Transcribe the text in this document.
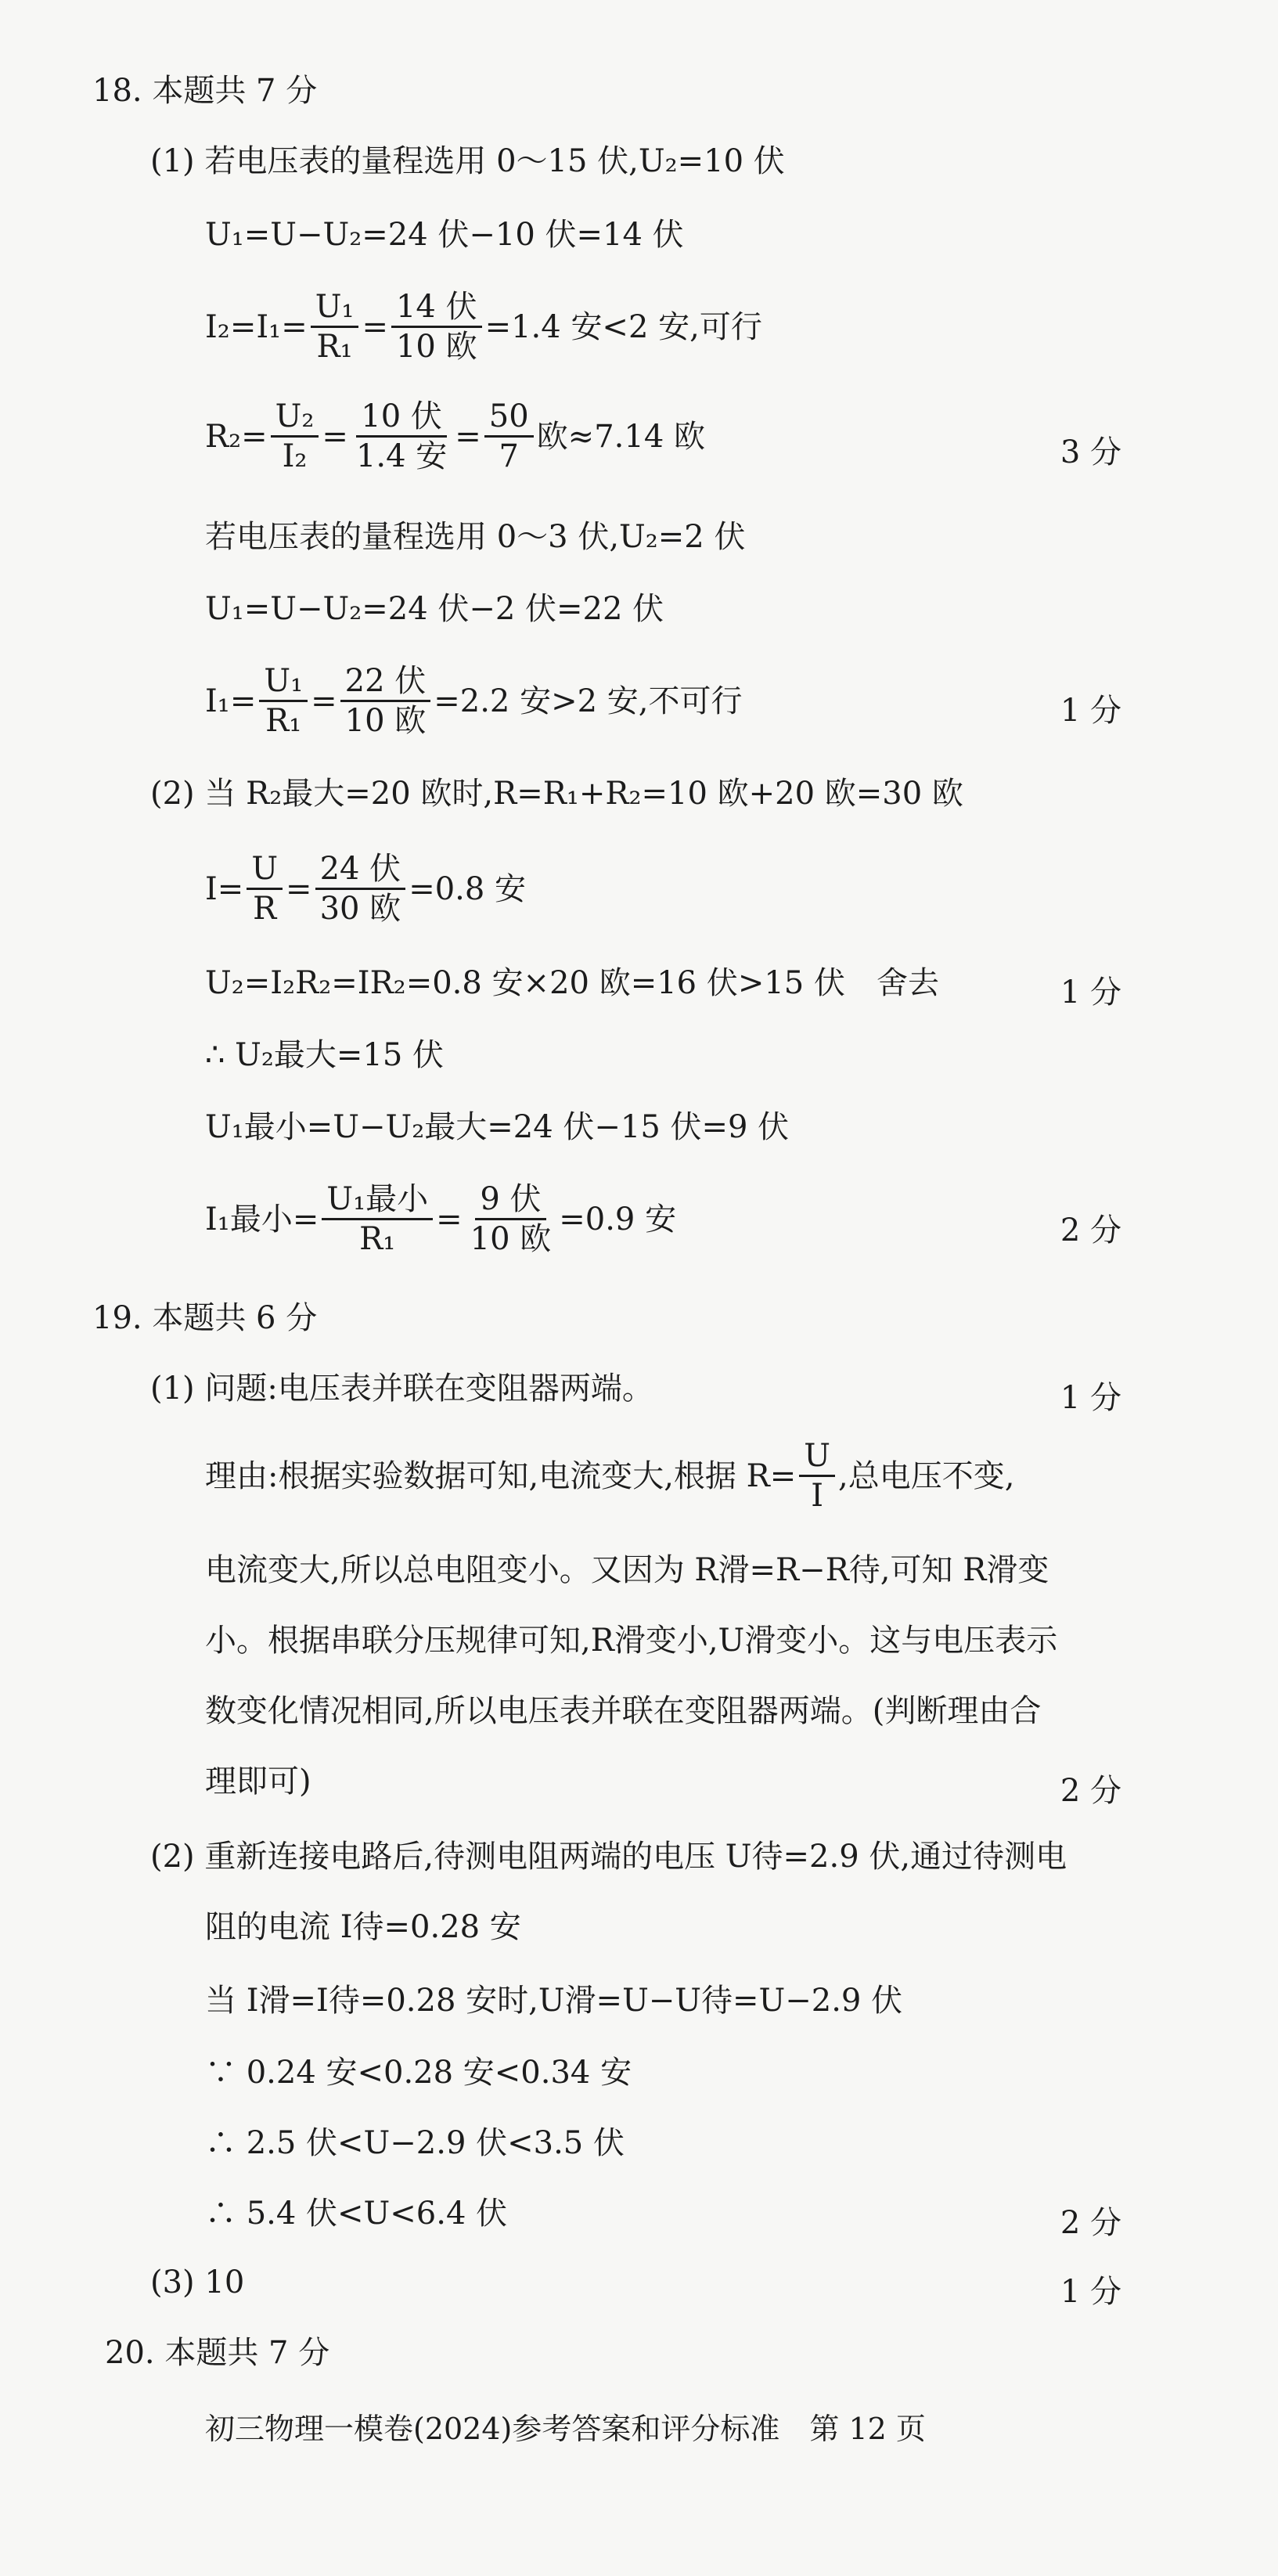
18. 本题共 7 分
(1) 若电压表的量程选用 0～15 伏,U₂=10 伏
U₁=U−U₂=24 伏−10 伏=14 伏
$I_2=I_1= \frac{\text{U₁}}{\text{R₁}} = \frac{\text{14 伏}}{\text{10 欧}} =1.4$ 安<2 安,可行
$R_2= \frac{\text{U₂}}{\text{I₂}} = \frac{\text{10 伏}}{\text{1.4 安}} = \frac{50}{7}$ 欧≈7.14 欧	3 分
若电压表的量程选用 0～3 伏,U₂=2 伏
U₁=U−U₂=24 伏−2 伏=22 伏
$I_1= \frac{\text{U₁}}{\text{R₁}} = \frac{\text{22 伏}}{\text{10 欧}} =2.2$ 安>2 安,不可行	1 分
(2) 当 R₂最大=20 欧时,R=R₁+R₂=10 欧+20 欧=30 欧
$I= \frac{U}{R} = \frac{\text{24 伏}}{\text{30 欧}} =0.8$ 安
U₂=I₂R₂=IR₂=0.8 安×20 欧=16 伏>15 伏　舍去	1 分
∴ U₂最大=15 伏
U₁最小=U−U₂最大=24 伏−15 伏=9 伏
I₁最小= $\frac{\text{U₁最小}}{\text{R₁}} = \frac{\text{9 伏}}{\text{10 欧}} =0.9$ 安	2 分
19. 本题共 6 分
(1) 问题:电压表并联在变阻器两端。	1 分
理由:根据实验数据可知,电流变大,根据 $R= \frac{U}{I}$ ,总电压不变,
电流变大,所以总电阻变小。又因为 R滑=R−R待,可知 R滑变
小。根据串联分压规律可知,R滑变小,U滑变小。这与电压表示
数变化情况相同,所以电压表并联在变阻器两端。(判断理由合
理即可)	2 分
(2) 重新连接电路后,待测电阻两端的电压 U待=2.9 伏,通过待测电
阻的电流 I待=0.28 安
当 I滑=I待=0.28 安时,U滑=U−U待=U−2.9 伏
∵ 0.24 安<0.28 安<0.34 安
∴ 2.5 伏<U−2.9 伏<3.5 伏
∴ 5.4 伏<U<6.4 伏	2 分
(3) 10	1 分
20. 本题共 7 分
初三物理一模卷(2024)参考答案和评分标准　第 12 页
